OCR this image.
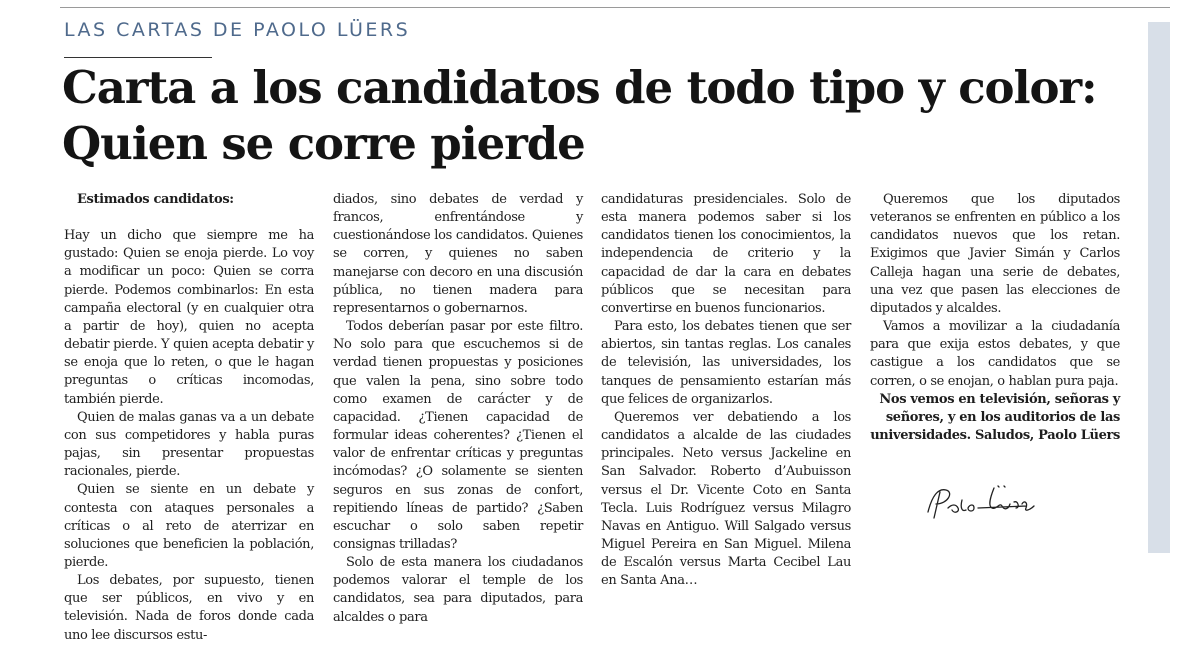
LAS CARTAS DE PAOLO LÜERS
Carta a los candidatos de todo tipo y color: Quien se corre pierde

Estimados candidatos:

Hay un dicho que siempre me ha gustado: Quien se enoja pierde. Lo voy a modificar un poco: Quien se corra pierde. Podemos combinarlos: En esta campaña electoral (y en cualquier otra a partir de hoy), quien no acepta debatir pierde. Y quien acepta debatir y se enoja que lo reten, o que le hagan preguntas o críticas incomodas, también pierde.

Quien de malas ganas va a un debate con sus competidores y habla puras pajas, sin presentar propuestas racionales, pierde.

Quien se siente en un debate y contesta con ataques personales a críticas o al reto de aterrizar en soluciones que beneficien la población, pierde.

Los debates, por supuesto, tienen que ser públicos, en vivo y en televisión. Nada de foros donde cada uno lee discursos estu-

diados, sino debates de verdad y francos, enfrentándose y cuestionándose los candidatos. Quienes se corren, y quienes no saben manejarse con decoro en una discusión pública, no tienen madera para representarnos o gobernarnos.

Todos deberían pasar por este filtro. No solo para que escuchemos si de verdad tienen propuestas y posiciones que valen la pena, sino sobre todo como examen de carácter y de capacidad. ¿Tienen capacidad de formular ideas coherentes? ¿Tienen el valor de enfrentar críticas y preguntas incómodas? ¿O solamente se sienten seguros en sus zonas de confort, repitiendo líneas de partido? ¿Saben escuchar o solo saben repetir consignas trilladas?

Solo de esta manera los ciudadanos podemos valorar el temple de los candidatos, sea para diputados, para alcaldes o para

candidaturas presidenciales. Solo de esta manera podemos saber si los candidatos tienen los conocimientos, la independencia de criterio y la capacidad de dar la cara en debates públicos que se necesitan para convertirse en buenos funcionarios.

Para esto, los debates tienen que ser abiertos, sin tantas reglas. Los canales de televisión, las universidades, los tanques de pensamiento estarían más que felices de organizarlos.

Queremos ver debatiendo a los candidatos a alcalde de las ciudades principales. Neto versus Jackeline en San Salvador. Roberto d’Aubuisson versus el Dr. Vicente Coto en Santa Tecla. Luis Rodríguez versus Milagro Navas en Antiguo. Will Salgado versus Miguel Pereira en San Miguel. Milena de Escalón versus Marta Cecibel Lau en Santa Ana…

Queremos que los diputados veteranos se enfrenten en público a los candidatos nuevos que los retan. Exigimos que Javier Simán y Carlos Calleja hagan una serie de debates, una vez que pasen las elecciones de diputados y alcaldes.

Vamos a movilizar a la ciudadanía para que exija estos debates, y que castigue a los candidatos que se corren, o se enojan, o hablan pura paja.

Nos vemos en televisión, señoras y señores, y en los auditorios de las universidades. Saludos, Paolo Lüers
